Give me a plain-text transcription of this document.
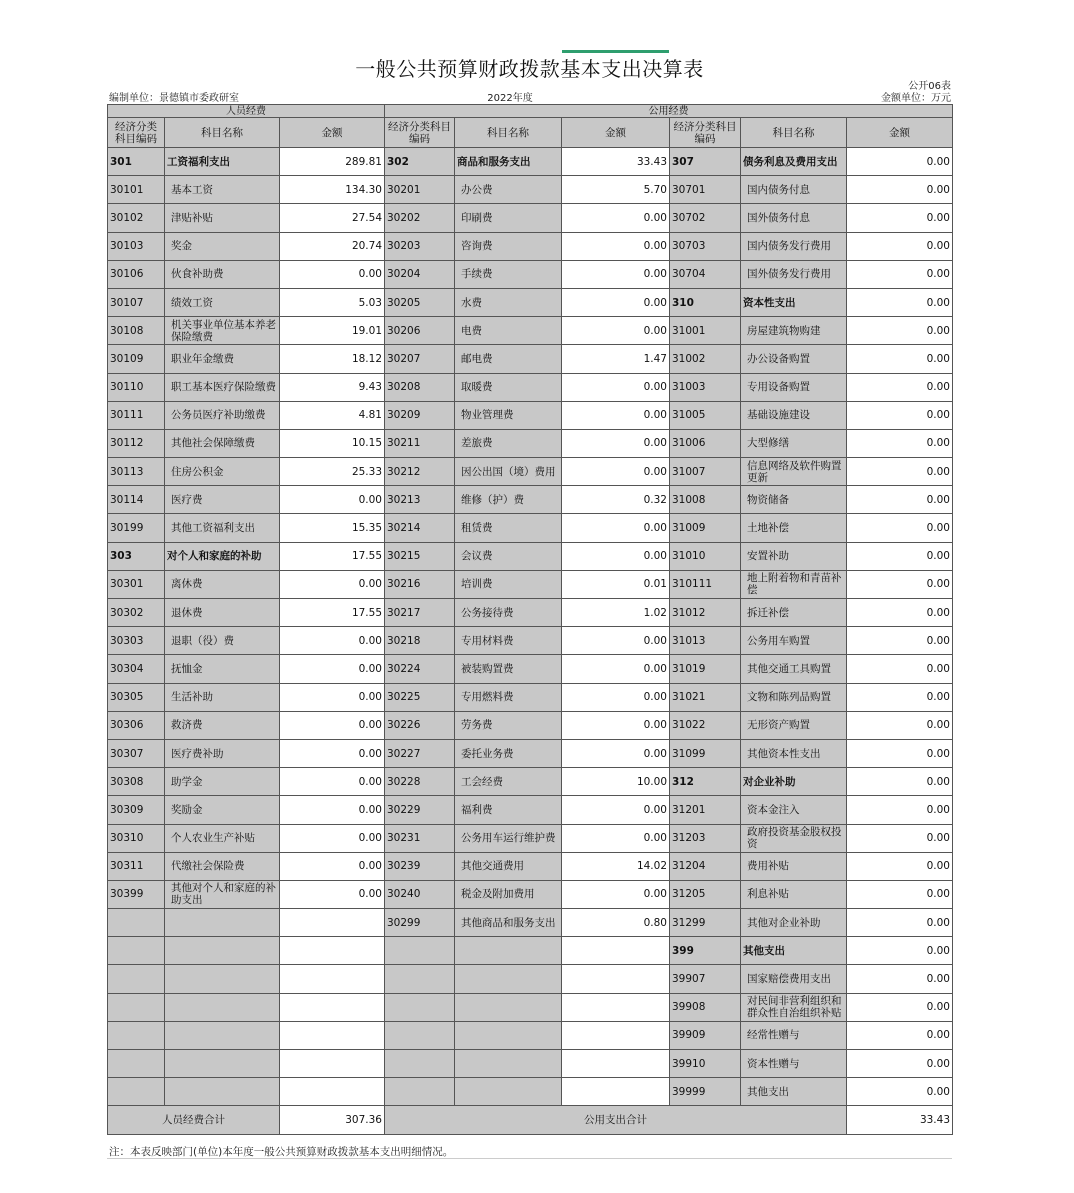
一般公共预算财政拨款基本支出决算表
公开06表
编制单位：景德镇市委政研室	2022年度	金额单位：万元
人员经费			公用经费					
经济分类科目编码	科目名称	金额	经济分类科目编码	科目名称	金额	经济分类科目编码	科目名称	金额
301	工资福利支出	289.81	302	商品和服务支出	33.43	307	债务利息及费用支出	0.00
30101	基本工资	134.30	30201	办公费	5.70	30701	国内债务付息	0.00
30102	津贴补贴	27.54	30202	印刷费	0.00	30702	国外债务付息	0.00
30103	奖金	20.74	30203	咨询费	0.00	30703	国内债务发行费用	0.00
30106	伙食补助费	0.00	30204	手续费	0.00	30704	国外债务发行费用	0.00
30107	绩效工资	5.03	30205	水费	0.00	310	资本性支出	0.00
30108	机关事业单位基本养老保险缴费	19.01	30206	电费	0.00	31001	房屋建筑物购建	0.00
30109	职业年金缴费	18.12	30207	邮电费	1.47	31002	办公设备购置	0.00
30110	职工基本医疗保险缴费	9.43	30208	取暖费	0.00	31003	专用设备购置	0.00
30111	公务员医疗补助缴费	4.81	30209	物业管理费	0.00	31005	基础设施建设	0.00
30112	其他社会保障缴费	10.15	30211	差旅费	0.00	31006	大型修缮	0.00
30113	住房公积金	25.33	30212	因公出国（境）费用	0.00	31007	信息网络及软件购置更新	0.00
30114	医疗费	0.00	30213	维修（护）费	0.32	31008	物资储备	0.00
30199	其他工资福利支出	15.35	30214	租赁费	0.00	31009	土地补偿	0.00
303	对个人和家庭的补助	17.55	30215	会议费	0.00	31010	安置补助	0.00
30301	离休费	0.00	30216	培训费	0.01	310111	地上附着物和青苗补偿	0.00
30302	退休费	17.55	30217	公务接待费	1.02	31012	拆迁补偿	0.00
30303	退职（役）费	0.00	30218	专用材料费	0.00	31013	公务用车购置	0.00
30304	抚恤金	0.00	30224	被装购置费	0.00	31019	其他交通工具购置	0.00
30305	生活补助	0.00	30225	专用燃料费	0.00	31021	文物和陈列品购置	0.00
30306	救济费	0.00	30226	劳务费	0.00	31022	无形资产购置	0.00
30307	医疗费补助	0.00	30227	委托业务费	0.00	31099	其他资本性支出	0.00
30308	助学金	0.00	30228	工会经费	10.00	312	对企业补助	0.00
30309	奖励金	0.00	30229	福利费	0.00	31201	资本金注入	0.00
30310	个人农业生产补贴	0.00	30231	公务用车运行维护费	0.00	31203	政府投资基金股权投资	0.00
30311	代缴社会保险费	0.00	30239	其他交通费用	14.02	31204	费用补贴	0.00
30399	其他对个人和家庭的补助支出	0.00	30240	税金及附加费用	0.00	31205	利息补贴	0.00
			30299	其他商品和服务支出	0.80	31299	其他对企业补助	0.00
						399	其他支出	0.00
						39907	国家赔偿费用支出	0.00
						39908	对民间非营利组织和群众性自治组织补贴	0.00
						39909	经常性赠与	0.00
						39910	资本性赠与	0.00
						39999	其他支出	0.00
人员经费合计		307.36	公用支出合计					33.43
注：本表反映部门(单位)本年度一般公共预算财政拨款基本支出明细情况。
